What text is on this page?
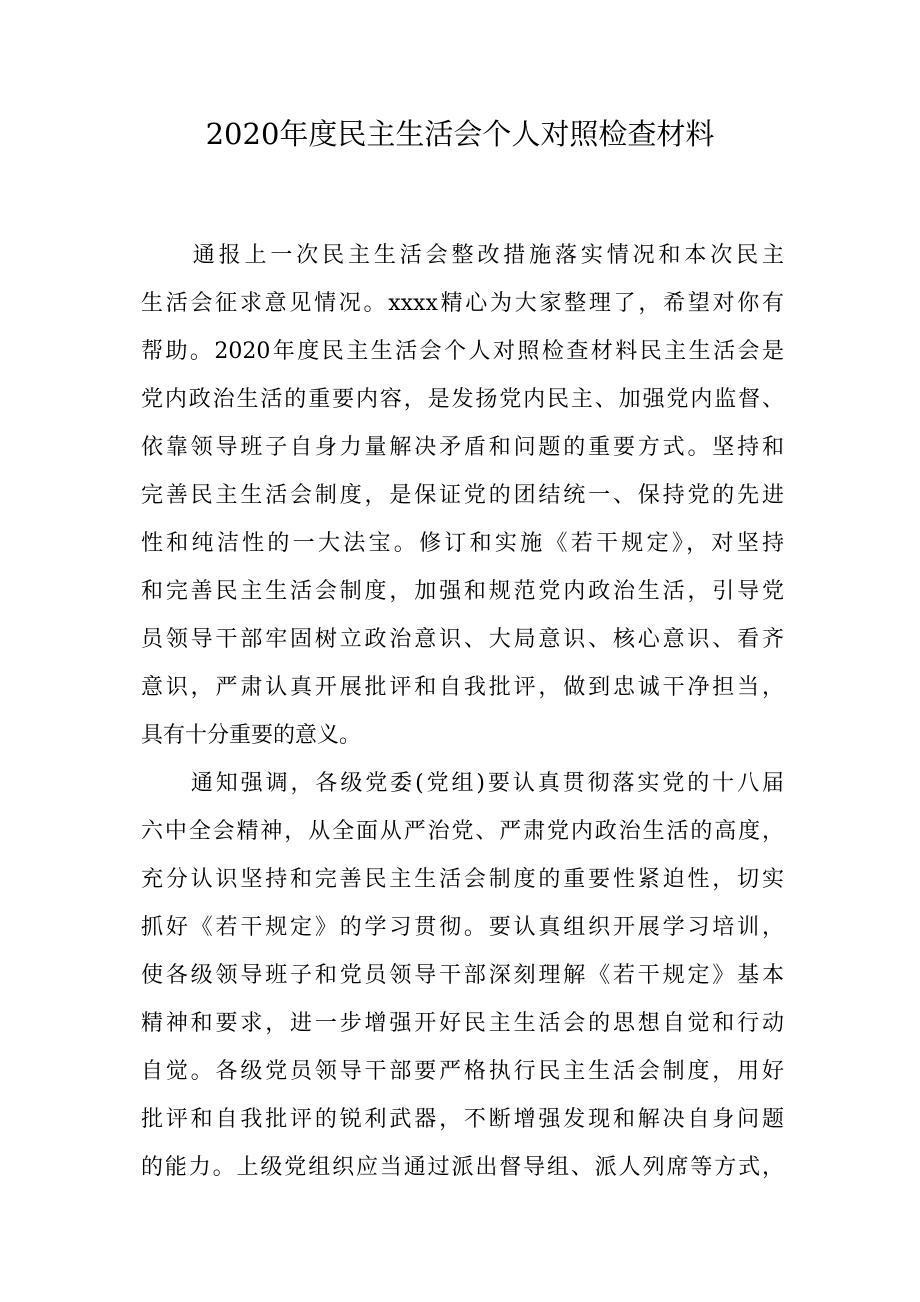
2020年度民主生活会个人对照检查材料
　　通报上一次民主生活会整改措施落实情况和本次民主
生活会征求意见情况。xxxx精心为大家整理了，希望对你有
帮助。2020年度民主生活会个人对照检查材料民主生活会是
党内政治生活的重要内容，是发扬党内民主、加强党内监督、
依靠领导班子自身力量解决矛盾和问题的重要方式。坚持和
完善民主生活会制度，是保证党的团结统一、保持党的先进
性和纯洁性的一大法宝。修订和实施《若干规定》，对坚持
和完善民主生活会制度，加强和规范党内政治生活，引导党
员领导干部牢固树立政治意识、大局意识、核心意识、看齐
意识，严肃认真开展批评和自我批评，做到忠诚干净担当，
具有十分重要的意义。
　　通知强调，各级党委(党组)要认真贯彻落实党的十八届
六中全会精神，从全面从严治党、严肃党内政治生活的高度，
充分认识坚持和完善民主生活会制度的重要性紧迫性，切实
抓好《若干规定》的学习贯彻。要认真组织开展学习培训，
使各级领导班子和党员领导干部深刻理解《若干规定》基本
精神和要求，进一步增强开好民主生活会的思想自觉和行动
自觉。各级党员领导干部要严格执行民主生活会制度，用好
批评和自我批评的锐利武器，不断增强发现和解决自身问题
的能力。上级党组织应当通过派出督导组、派人列席等方式，
